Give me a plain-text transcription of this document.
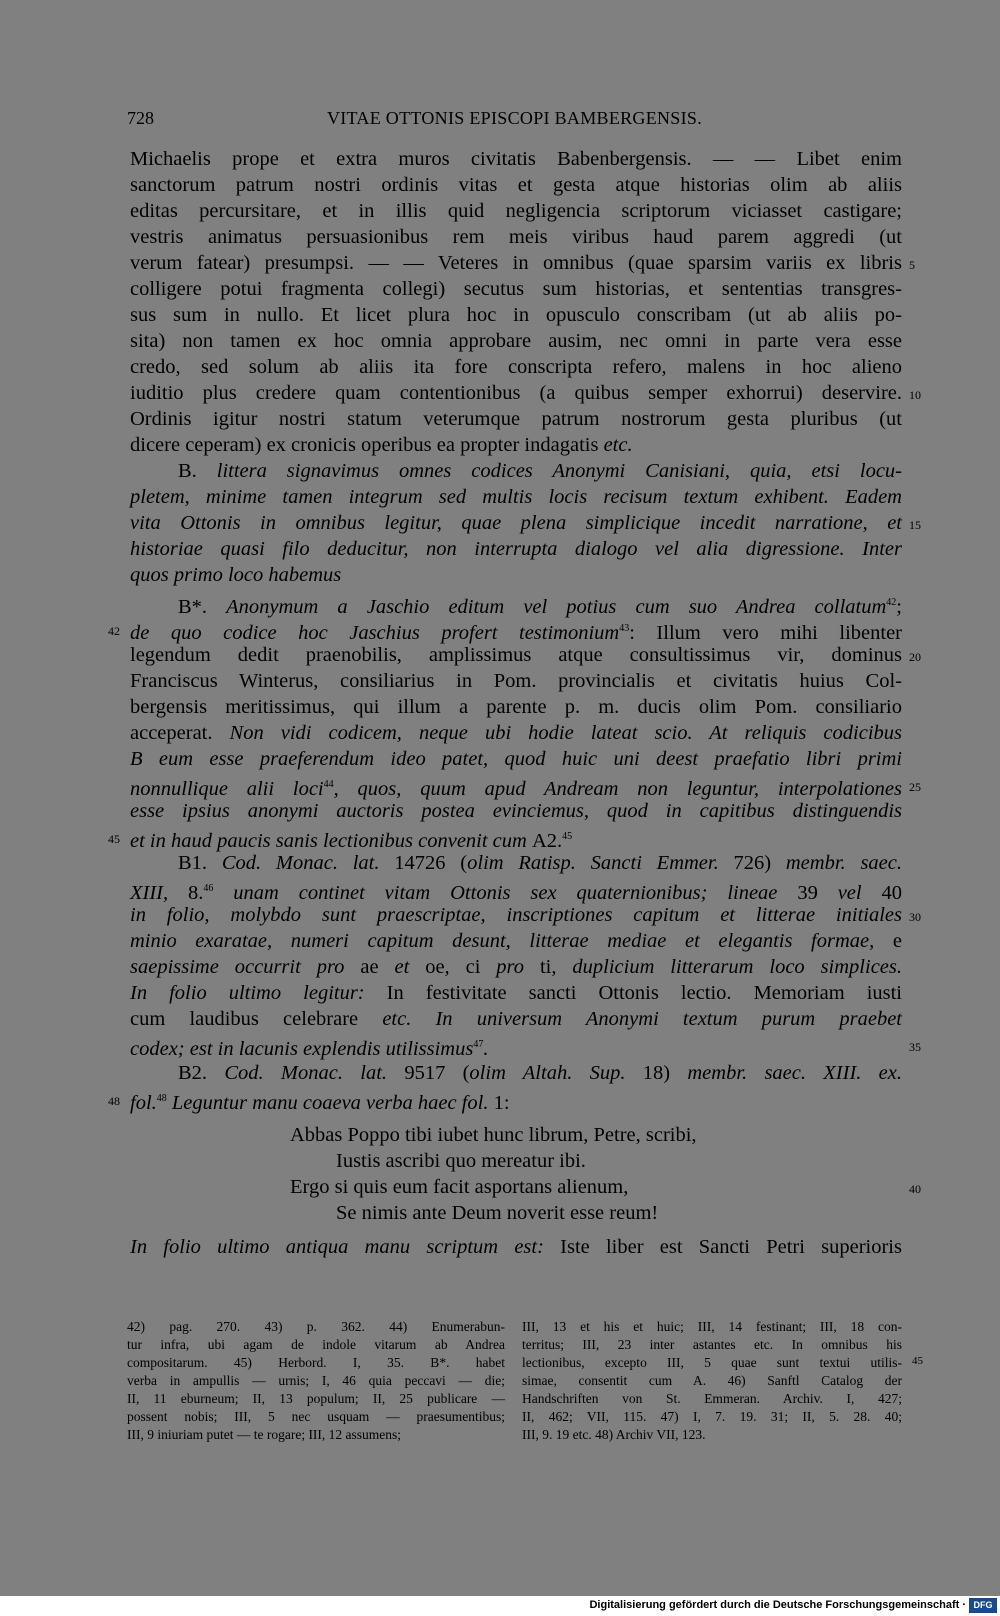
728	VITAE OTTONIS EPISCOPI BAMBERGENSIS.
Michaelis prope et extra muros civitatis Babenbergensis. — — Libet enim
sanctorum patrum nostri ordinis vitas et gesta atque historias olim ab aliis
editas percursitare, et in illis quid negligencia scriptorum viciasset castigare;
vestris animatus persuasionibus rem meis viribus haud parem aggredi (ut
verum fatear) presumpsi. — — Veteres in omnibus (quae sparsim variis ex libris
colligere potui fragmenta collegi) secutus sum historias, et sententias transgres-
sus sum in nullo. Et licet plura hoc in opusculo conscribam (ut ab aliis po-
sita) non tamen ex hoc omnia approbare ausim, nec omni in parte vera esse
credo, sed solum ab aliis ita fore conscripta refero, malens in hoc alieno
iuditio plus credere quam contentionibus (a quibus semper exhorrui) deservire.
Ordinis igitur nostri statum veterumque patrum nostrorum gesta pluribus (ut
dicere ceperam) ex cronicis operibus ea propter indagatis etc.
B. littera signavimus omnes codices Anonymi Canisiani, quia, etsi locu-
pletem, minime tamen integrum sed multis locis recisum textum exhibent. Eadem
vita Ottonis in omnibus legitur, quae plena simplicique incedit narratione, et
historiae quasi filo deducitur, non interrupta dialogo vel alia digressione. Inter
quos primo loco habemus
B*. Anonymum a Jaschio editum vel potius cum suo Andrea collatum$^{42}$;
de quo codice hoc Jaschius profert testimonium$^{43}$: Illum vero mihi libenter
legendum dedit praenobilis, amplissimus atque consultissimus vir, dominus
Franciscus Winterus, consiliarius in Pom. provincialis et civitatis huius Col-
bergensis meritissimus, qui illum a parente p. m. ducis olim Pom. consiliario
acceperat. Non vidi codicem, neque ubi hodie lateat scio. At reliquis codicibus
B eum esse praeferendum ideo patet, quod huic uni deest praefatio libri primi
nonnullique alii loci$^{44}$, quos, quum apud Andream non leguntur, interpolationes
esse ipsius anonymi auctoris postea evinciemus, quod in capitibus distinguendis
et in haud paucis sanis lectionibus convenit cum A2.45
B1. Cod. Monac. lat. 14726 (olim Ratisp. Sancti Emmer. 726) membr. saec.
XIII, 8.46 unam continet vitam Ottonis sex quaternionibus; lineae 39 vel 40
in folio, molybdo sunt praescriptae, inscriptiones capitum et litterae initiales
minio exaratae, numeri capitum desunt, litterae mediae et elegantis formae, e
saepissime occurrit pro ae et oe, ci pro ti, duplicium litterarum loco simplices.
In folio ultimo legitur: In festivitate sancti Ottonis lectio. Memoriam iusti
cum laudibus celebrare etc. In universum Anonymi textum purum praebet
codex; est in lacunis explendis utilissimus$^{47}$.
B2. Cod. Monac. lat. 9517 (olim Altah. Sup. 18) membr. saec. XIII. ex.
fol.$^{48}$ Leguntur manu coaeva verba haec fol. 1:
Abbas Poppo tibi iubet hunc librum, Petre, scribi,
Iustis ascribi quo mereatur ibi.
Ergo si quis eum facit asportans alienum,
Se nimis ante Deum noverit esse reum!
In folio ultimo antiqua manu scriptum est: Iste liber est Sancti Petri superioris
5
10
15
20
25
30
35
40
42
45
48
42) pag. 270. 43) p. 362. 44) Enumerabun-
tur infra, ubi agam de indole vitarum ab Andrea
compositarum. 45) Herbord. I, 35. B*. habet
verba in ampullis — urnis; I, 46 quia peccavi — die;
II, 11 eburneum; II, 13 populum; II, 25 publicare —
possent nobis; III, 5 nec usquam — praesumentibus;
III, 9 iniuriam putet — te rogare; III, 12 assumens;
III, 13 et his et huic; III, 14 festinant; III, 18 con-
territus; III, 23 inter astantes etc. In omnibus his
lectionibus, excepto III, 5 quae sunt textui utilis-
simae, consentit cum A. 46) Sanftl Catalog der
Handschriften von St. Emmeran. Archiv. I, 427;
II, 462; VII, 115. 47) I, 7. 19. 31; II, 5. 28. 40;
III, 9. 19 etc. 48) Archiv VII, 123.
45
Digitalisierung gefördert durch die Deutsche Forschungsgemeinschaft · DFG
